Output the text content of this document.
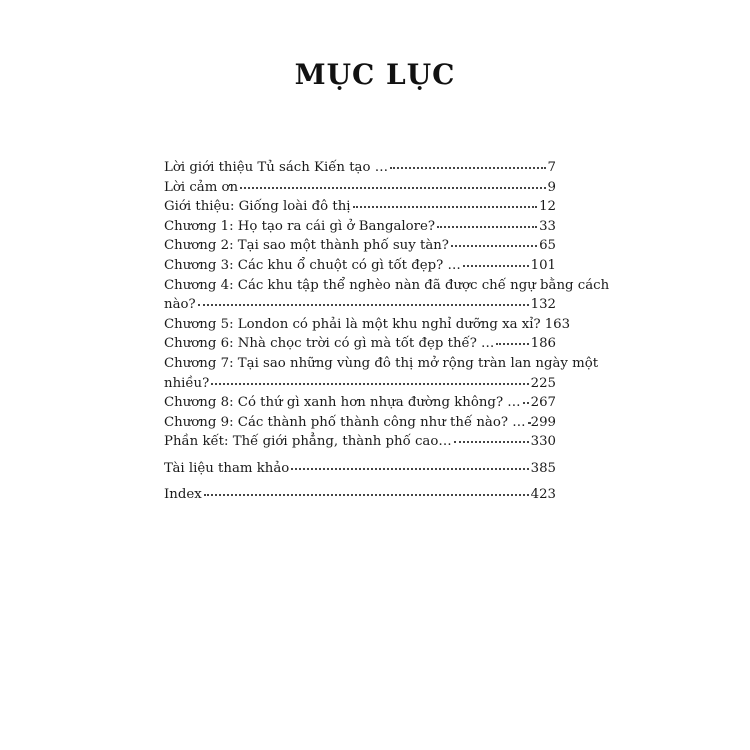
MỤC LỤC
Lời giới thiệu Tủ sách Kiến tạo …	7
Lời cảm ơn	9
Giới thiệu: Giống loài đô thị	12
Chương 1: Họ tạo ra cái gì ở Bangalore?	33
Chương 2: Tại sao một thành phố suy tàn?	65
Chương 3: Các khu ổ chuột có gì tốt đẹp? …	101
Chương 4: Các khu tập thể nghèo nàn đã được chế ngự bằng cách
nào?	132
Chương 5: London có phải là một khu nghỉ dưỡng xa xỉ? 163
Chương 6: Nhà chọc trời có gì mà tốt đẹp thế? …	186
Chương 7: Tại sao những vùng đô thị mở rộng tràn lan ngày một
nhiều?	225
Chương 8: Có thứ gì xanh hơn nhựa đường không? … 267
Chương 9: Các thành phố thành công như thế nào? … 299
Phần kết: Thế giới phẳng, thành phố cao…	330
Tài liệu tham khảo	385
Index	423
